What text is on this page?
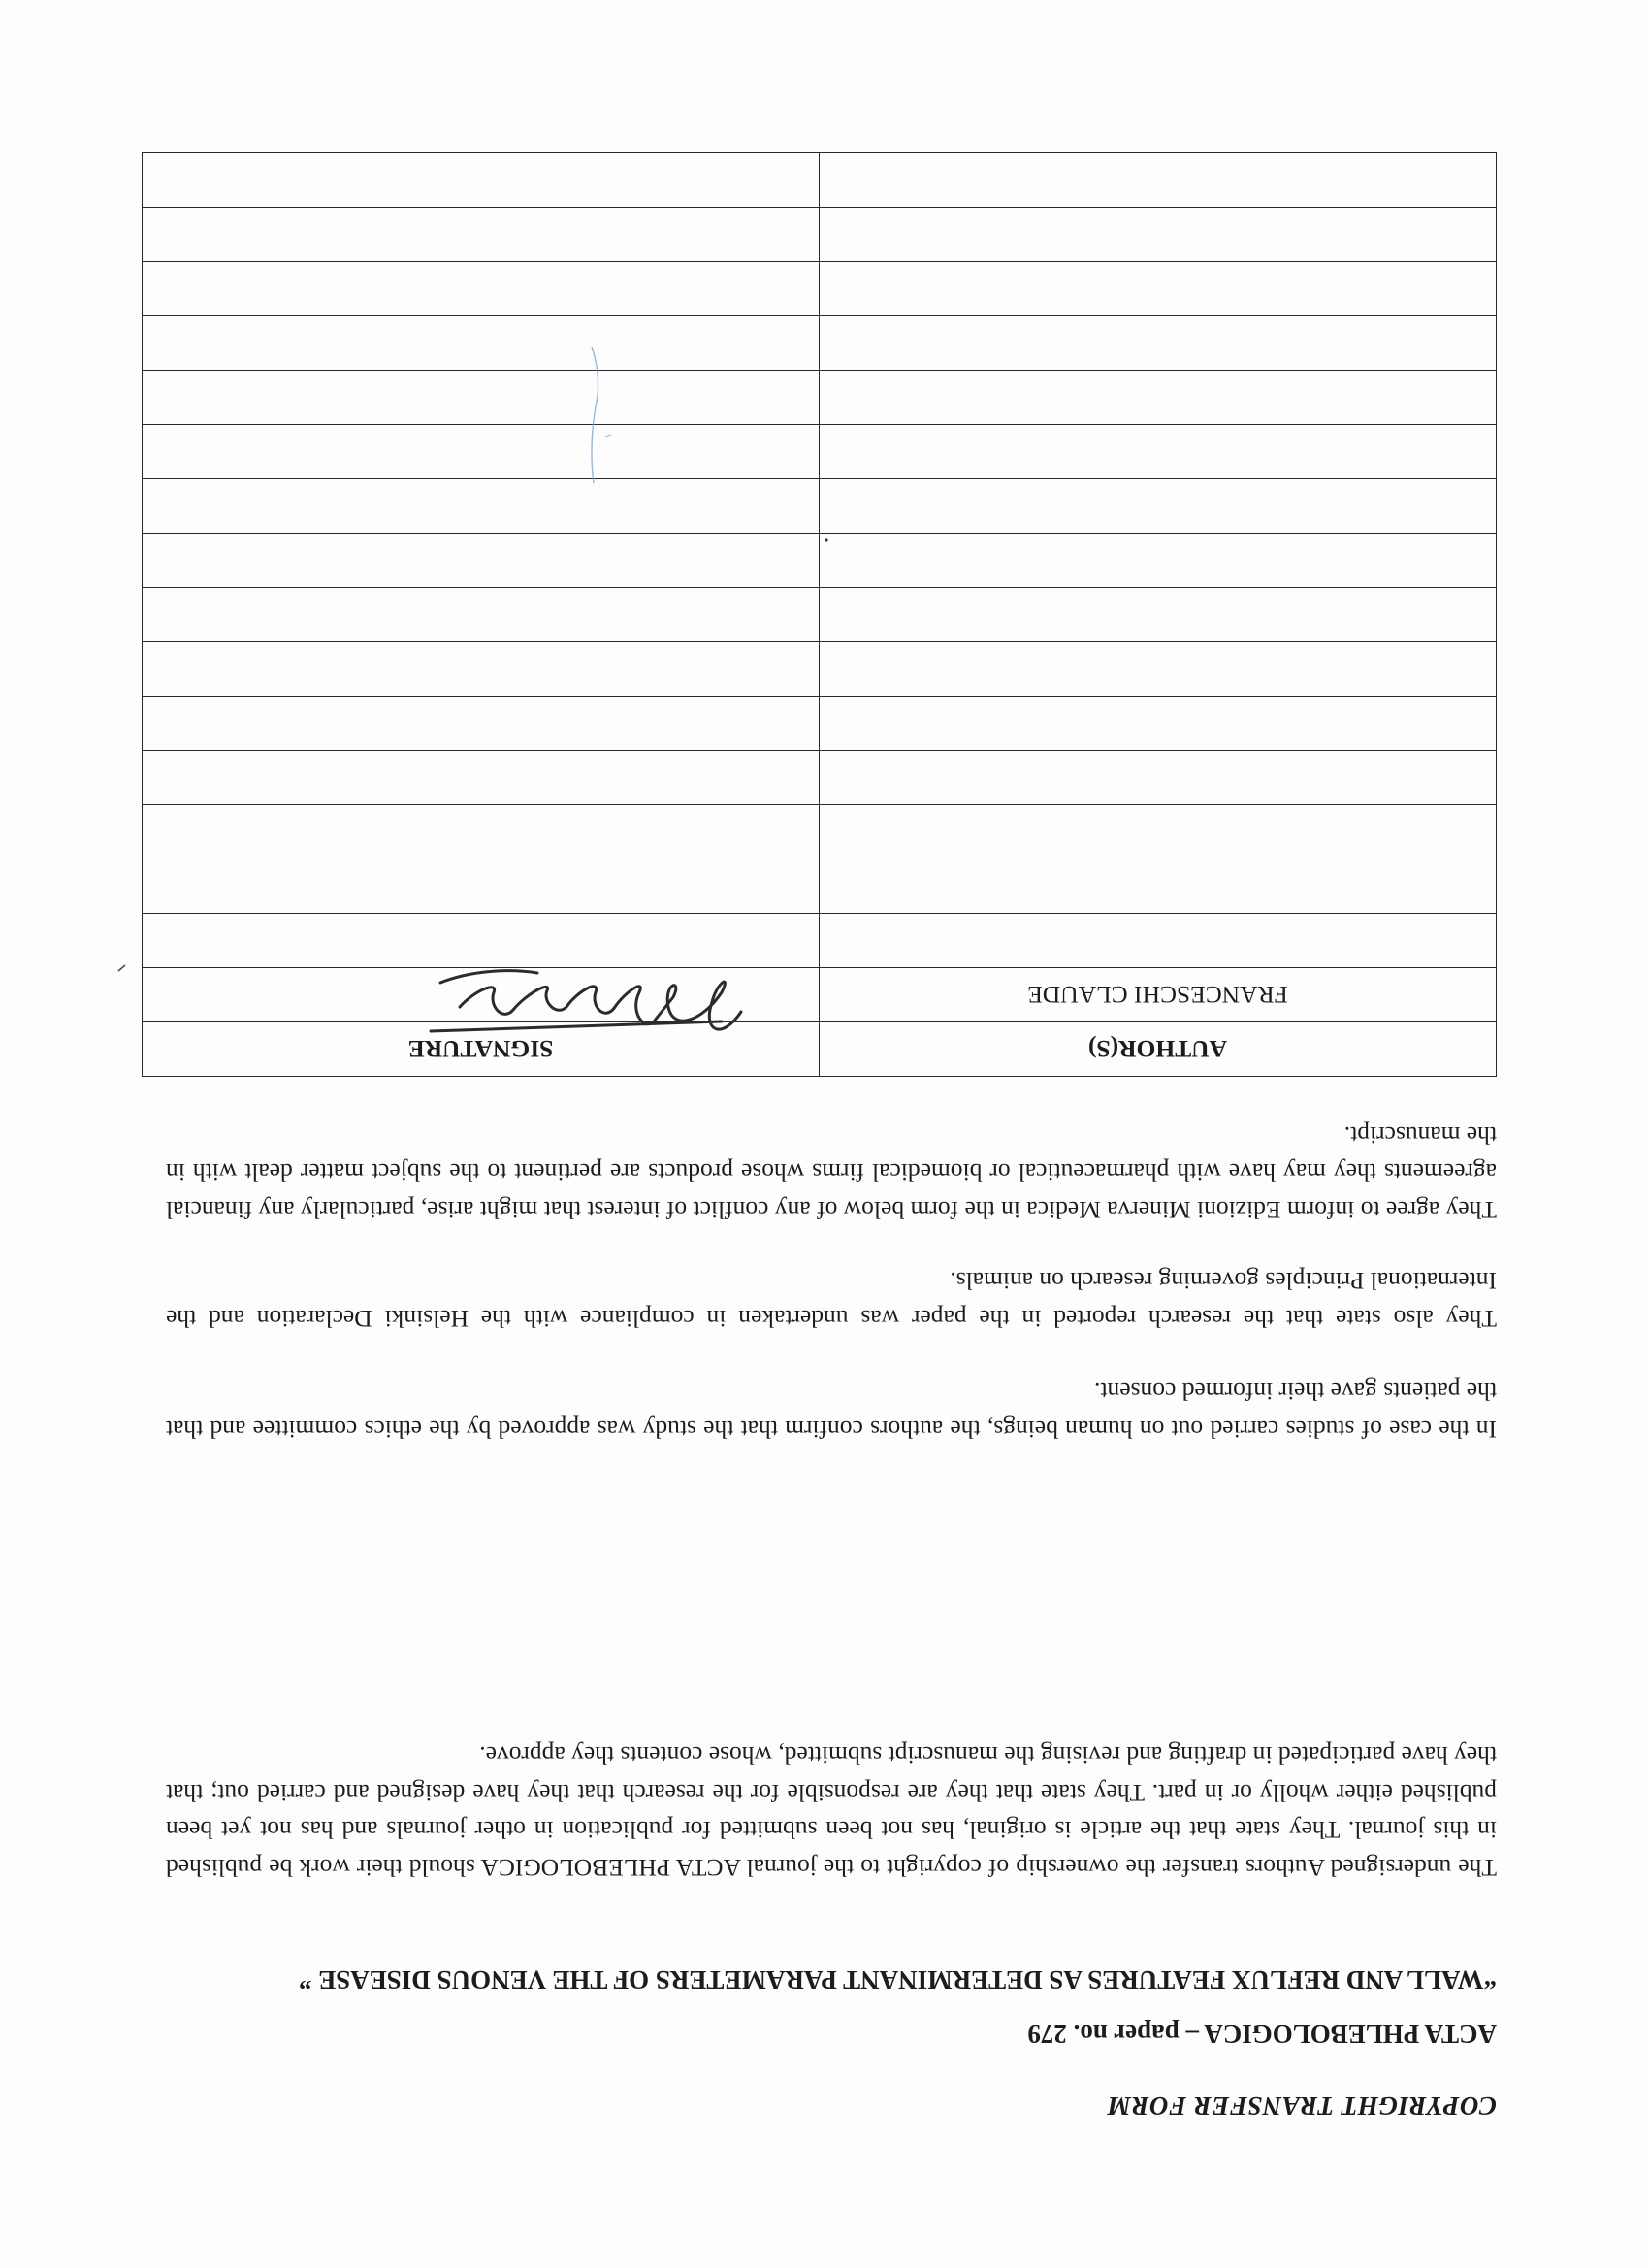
COPYRIGHT TRANSFER FORM
ACTA PHLEBOLOGICA – paper no. 279
“WALL AND REFLUX FEATURES AS DETERMINANT PARAMETERS OF THE VENOUS DISEASE ”

The undersigned Authors transfer the ownership of copyright to the journal ACTA PHLEBOLOGICA should their work be published in this journal. They state that the article is original, has not been submitted for publication in other journals and has not yet been published either wholly or in part. They state that they are responsible for the research that they have designed and carried out; that they have participated in drafting and revising the manuscript submitted, whose contents they approve.

In the case of studies carried out on human beings, the authors confirm that the study was approved by the ethics committee and that the patients gave their informed consent.

They also state that the research reported in the paper was undertaken in compliance with the Helsinki Declaration and the International Principles governing research on animals.

They agree to inform Edizioni Minerva Medica in the form below of any conflict of interest that might arise, particularly any financial agreements they may have with pharmaceutical or biomedical firms whose products are pertinent to the subject matter dealt with in the manuscript.

AUTHOR(S)	SIGNATURE
FRANCESCHI CLAUDE	
